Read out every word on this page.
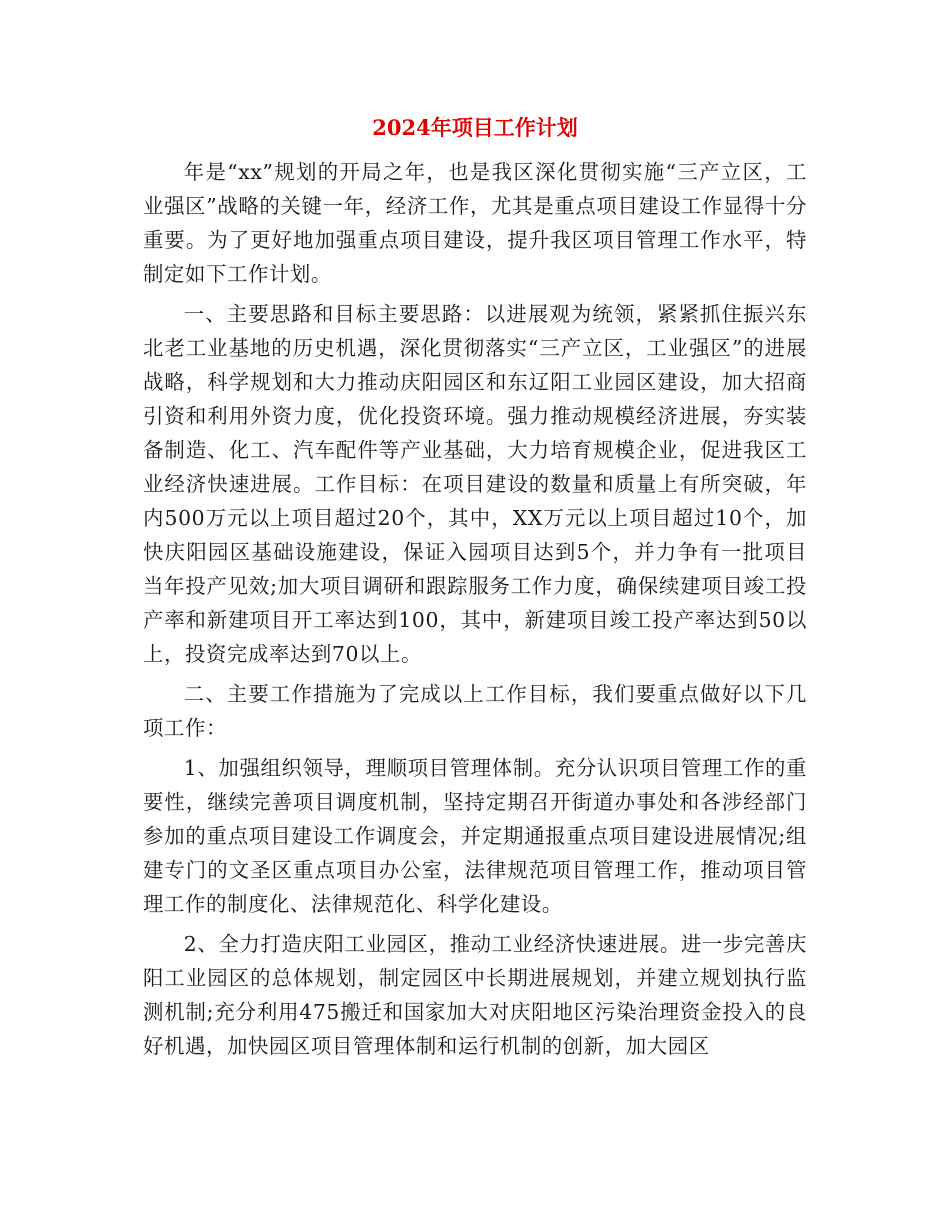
2024年项目工作计划

年是“xx”规划的开局之年，也是我区深化贯彻实施“三产立区，工业强区”战略的关键一年，经济工作，尤其是重点项目建设工作显得十分重要。为了更好地加强重点项目建设，提升我区项目管理工作水平，特制定如下工作计划。

一、主要思路和目标主要思路：以进展观为统领，紧紧抓住振兴东北老工业基地的历史机遇，深化贯彻落实“三产立区，工业强区”的进展战略，科学规划和大力推动庆阳园区和东辽阳工业园区建设，加大招商引资和利用外资力度，优化投资环境。强力推动规模经济进展，夯实装备制造、化工、汽车配件等产业基础，大力培育规模企业，促进我区工业经济快速进展。工作目标：在项目建设的数量和质量上有所突破，年内500万元以上项目超过20个，其中，XX万元以上项目超过10个，加快庆阳园区基础设施建设，保证入园项目达到5个，并力争有一批项目当年投产见效;加大项目调研和跟踪服务工作力度，确保续建项目竣工投产率和新建项目开工率达到100，其中，新建项目竣工投产率达到50以上，投资完成率达到70以上。

二、主要工作措施为了完成以上工作目标，我们要重点做好以下几项工作：

1、加强组织领导，理顺项目管理体制。充分认识项目管理工作的重要性，继续完善项目调度机制，坚持定期召开街道办事处和各涉经部门参加的重点项目建设工作调度会，并定期通报重点项目建设进展情况;组建专门的文圣区重点项目办公室，法律规范项目管理工作，推动项目管理工作的制度化、法律规范化、科学化建设。

2、全力打造庆阳工业园区，推动工业经济快速进展。进一步完善庆阳工业园区的总体规划，制定园区中长期进展规划，并建立规划执行监测机制;充分利用475搬迁和国家加大对庆阳地区污染治理资金投入的良好机遇，加快园区项目管理体制和运行机制的创新，加大园区
